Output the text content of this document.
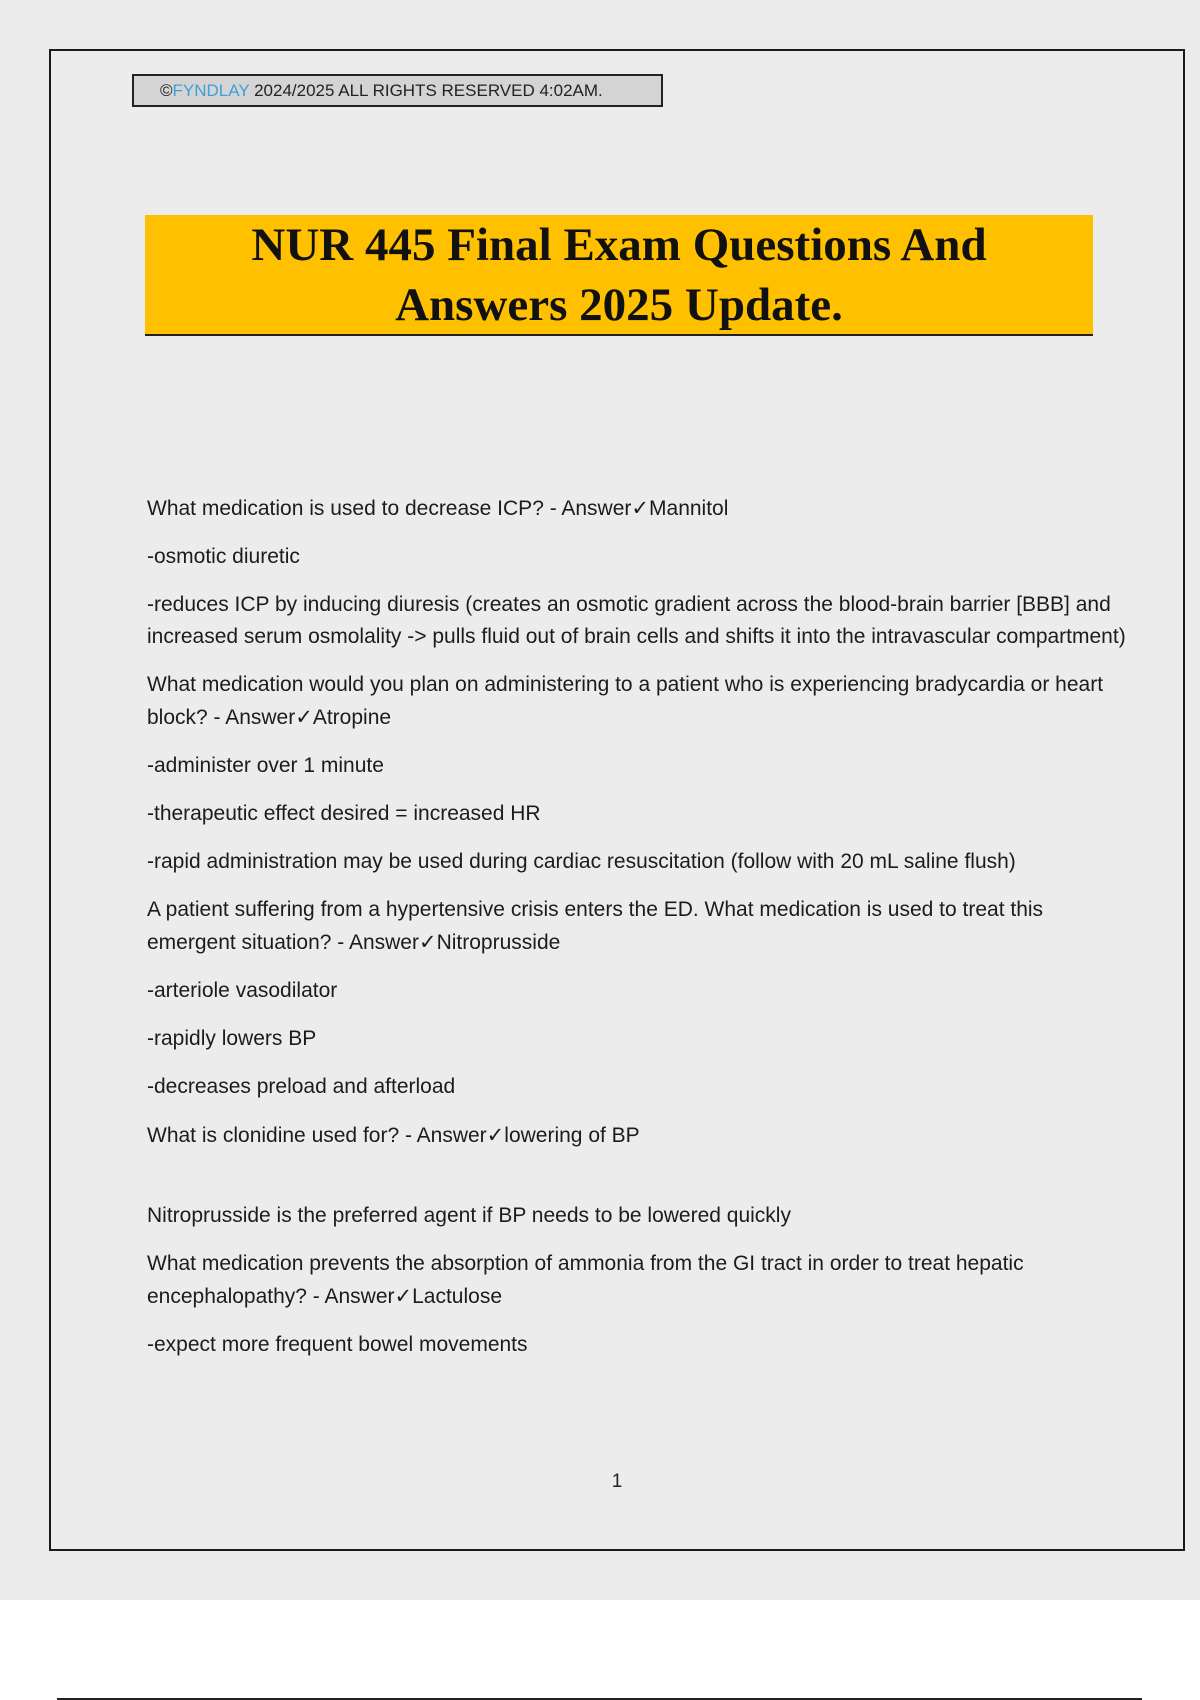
©FYNDLAY 2024/2025 ALL RIGHTS RESERVED 4:02AM.
NUR 445 Final Exam Questions And
Answers 2025 Update.

What medication is used to decrease ICP? - Answer✓Mannitol

-osmotic diuretic

-reduces ICP by inducing diuresis (creates an osmotic gradient across the blood-brain barrier [BBB] and increased serum osmolality -> pulls fluid out of brain cells and shifts it into the intravascular compartment)

What medication would you plan on administering to a patient who is experiencing bradycardia or heart block? - Answer✓Atropine

-administer over 1 minute

-therapeutic effect desired = increased HR

-rapid administration may be used during cardiac resuscitation (follow with 20 mL saline flush)

A patient suffering from a hypertensive crisis enters the ED. What medication is used to treat this emergent situation? - Answer✓Nitroprusside

-arteriole vasodilator

-rapidly lowers BP

-decreases preload and afterload

What is clonidine used for? - Answer✓lowering of BP

Nitroprusside is the preferred agent if BP needs to be lowered quickly

What medication prevents the absorption of ammonia from the GI tract in order to treat hepatic encephalopathy? - Answer✓Lactulose

-expect more frequent bowel movements

1
